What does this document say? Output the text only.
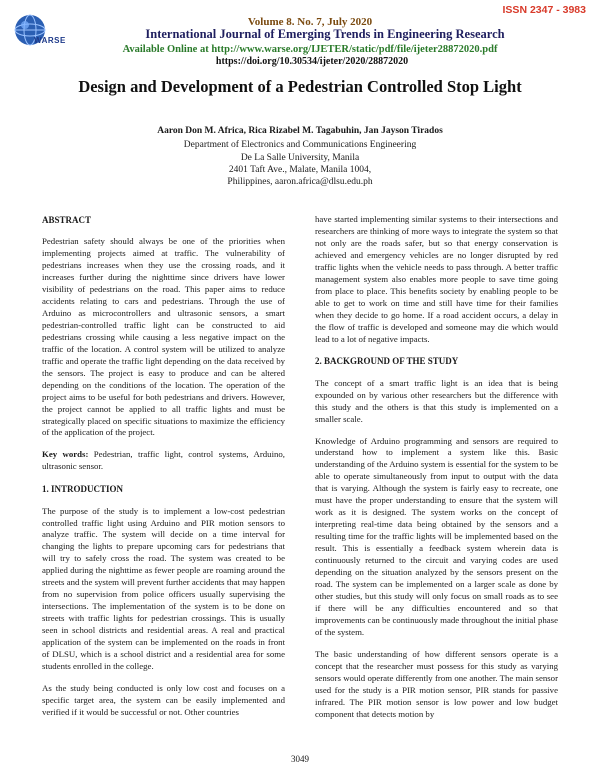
WARSE
ISSN 2347 - 3983
Volume 8. No. 7, July 2020
International Journal of Emerging Trends in Engineering Research
Available Online at http://www.warse.org/IJETER/static/pdf/file/ijeter28872020.pdf
https://doi.org/10.30534/ijeter/2020/28872020
Design and Development of a Pedestrian Controlled Stop Light
Aaron Don M. Africa, Rica Rizabel M. Tagabuhin, Jan Jayson Tirados
Department of Electronics and Communications Engineering
De La Salle University, Manila
2401 Taft Ave., Malate, Manila 1004,
Philippines, aaron.africa@dlsu.edu.ph
ABSTRACT

Pedestrian safety should always be one of the priorities when implementing projects aimed at traffic. The vulnerability of pedestrians increases when they use the crossing roads, and it increases further during the nighttime since drivers have lower visibility of pedestrians on the road. This paper aims to reduce accidents relating to cars and pedestrians. Through the use of Arduino as microcontrollers and ultrasonic sensors, a smart pedestrian-controlled traffic light can be constructed to aid pedestrians crossing while causing a less negative impact on the traffic of the location. A control system will be utilized to analyze traffic and operate the traffic light depending on the data received by the sensors. The project is easy to produce and can be altered depending on the conditions of the location. The operation of the project aims to be useful for both pedestrians and drivers. However, the project cannot be applied to all traffic lights and must be strategically placed on specific situations to maximize the efficiency of the application of the project.

Key words: Pedestrian, traffic light, control systems, Arduino, ultrasonic sensor.

1. INTRODUCTION

The purpose of the study is to implement a low-cost pedestrian controlled traffic light using Arduino and PIR motion sensors to analyze traffic. The system will decide on a time interval for changing the lights to prepare upcoming cars for pedestrians that will try to safely cross the road. The system was created to be applied during the nighttime as fewer people are roaming around the streets and the system will prevent further accidents that may happen from no supervision from police officers usually supervising the intersections. The implementation of the system is to be done on streets with traffic lights for pedestrian crossings. This is usually seen in school districts and residential areas. A real and practical application of the system can be implemented on the roads in front of DLSU, which is a school district and a residential area for some students enrolled in the college.

As the study being conducted is only low cost and focuses on a specific target area, the system can be easily implemented and verified if it would be successful or not. Other countries

have started implementing similar systems to their intersections and researchers are thinking of more ways to integrate the system so that not only are the roads safer, but so that energy conservation is achieved and emergency vehicles are no longer disrupted by red traffic lights when the vehicle needs to pass through. A better traffic management system also enables more people to save time going from place to place. This benefits society by enabling people to be able to get to work on time and still have time for their families when they decide to go home. If a road accident occurs, a delay in the flow of traffic is developed and someone may die which would lead to a lot of negative impacts.

2. BACKGROUND OF THE STUDY

The concept of a smart traffic light is an idea that is being expounded on by various other researchers but the difference with this study and the others is that this study is implemented on a smaller scale.

Knowledge of Arduino programming and sensors are required to understand how to implement a system like this. Basic understanding of the Arduino system is essential for the system to be able to operate simultaneously from input to output with the data that is varying. Although the system is fairly easy to recreate, one must have the proper understanding to ensure that the system will work as it is designed. The system works on the concept of interpreting real-time data being obtained by the sensors and a resulting time for the traffic lights will be implemented based on the result. This is essentially a feedback system wherein data is continuously returned to the circuit and varying codes are used depending on the situation analyzed by the sensors present on the road. The system can be implemented on a larger scale as done by other studies, but this study will only focus on small roads as to see if there will be any difficulties encountered and so that improvements can be continuously made throughout the initial phase of the system.

The basic understanding of how different sensors operate is a concept that the researcher must possess for this study as varying sensors would operate differently from one another. The main sensor used for the study is a PIR motion sensor, PIR stands for passive infrared. The PIR motion sensor is low power and low budget component that detects motion by

3049
